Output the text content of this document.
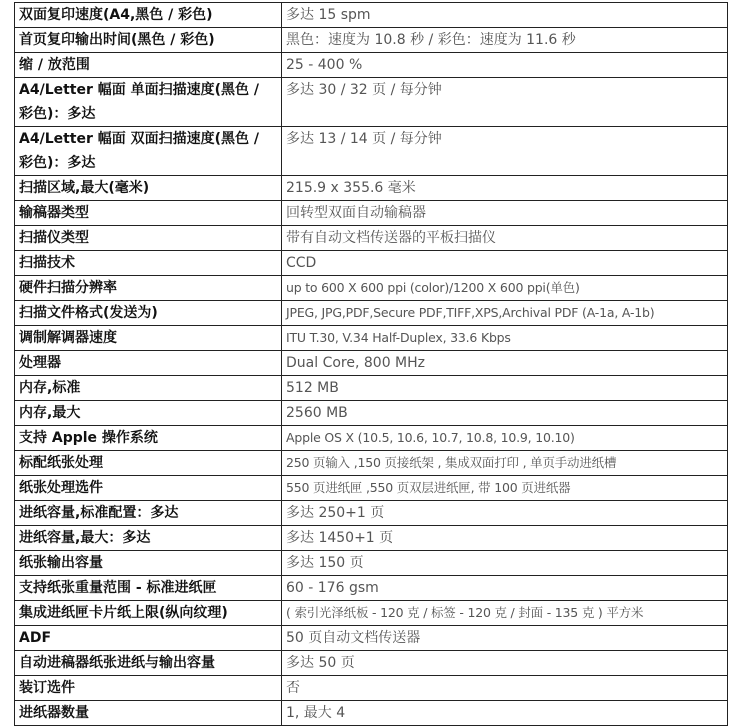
双面复印速度(A4,黑色 / 彩色)	多达 15 spm
首页复印输出时间(黑色 / 彩色)	黑色：速度为 10.8 秒 / 彩色：速度为 11.6 秒
缩 / 放范围	25 - 400 %
A4/Letter 幅面 单面扫描速度(黑色 / 彩色)：多达	多达 30 / 32 页 / 每分钟
A4/Letter 幅面 双面扫描速度(黑色 / 彩色)：多达	多达 13 / 14 页 / 每分钟
扫描区域,最大(毫米)	215.9 x 355.6 毫米
输稿器类型	回转型双面自动输稿器
扫描仪类型	带有自动文档传送器的平板扫描仪
扫描技术	CCD
硬件扫描分辨率	up to 600 X 600 ppi (color)/1200 X 600 ppi(单色)
扫描文件格式(发送为)	JPEG, JPG,PDF,Secure PDF,TIFF,XPS,Archival PDF (A-1a, A-1b)
调制解调器速度	ITU T.30, V.34 Half-Duplex, 33.6 Kbps
处理器	Dual Core, 800 MHz
内存,标准	512 MB
内存,最大	2560 MB
支持 Apple 操作系统	Apple OS X (10.5, 10.6, 10.7, 10.8, 10.9, 10.10)
标配纸张处理	250 页输入 ,150 页接纸架 , 集成双面打印 , 单页手动进纸槽
纸张处理选件	550 页进纸匣 ,550 页双层进纸匣, 带 100 页进纸器
进纸容量,标准配置：多达	多达 250+1 页
进纸容量,最大：多达	多达 1450+1 页
纸张输出容量	多达 150 页
支持纸张重量范围 - 标准进纸匣	60 - 176 gsm
集成进纸匣卡片纸上限(纵向纹理)	( 索引光泽纸板 - 120 克 / 标签 - 120 克 / 封面 - 135 克 ) 平方米
ADF	50 页自动文档传送器
自动进稿器纸张进纸与输出容量	多达 50 页
装订选件	否
进纸器数量	1, 最大 4
